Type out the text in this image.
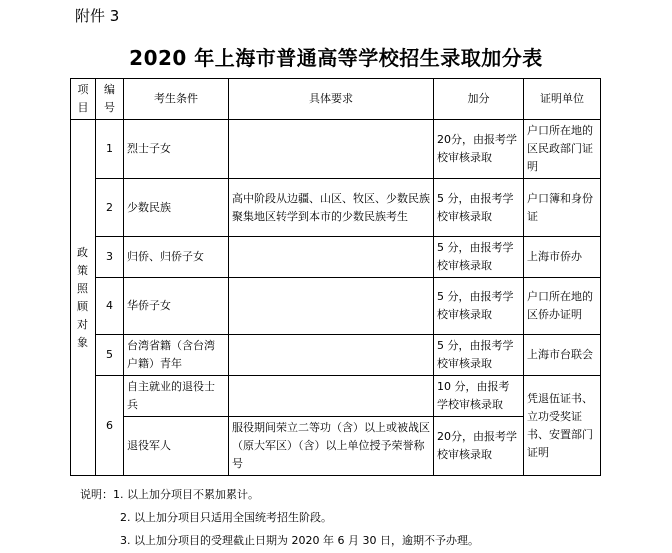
附件 3
2020 年上海市普通高等学校招生录取加分表
项目	编号	考生条件	具体要求	加分	证明单位
政策照顾对象	1	烈士子女		20分，由报考学校审核录取	户口所在地的区民政部门证明
	2	少数民族	高中阶段从边疆、山区、牧区、少数民族聚集地区转学到本市的少数民族考生	5 分，由报考学校审核录取	户口簿和身份证
	3	归侨、归侨子女		5 分，由报考学校审核录取	上海市侨办
	4	华侨子女		5 分，由报考学校审核录取	户口所在地的区侨办证明
	5	台湾省籍（含台湾户籍）青年		5 分，由报考学校审核录取	上海市台联会
	6	自主就业的退役士兵		10 分，由报考学校审核录取	凭退伍证书、立功受奖证书、安置部门证明
		退役军人	服役期间荣立二等功（含）以上或被战区（原大军区）（含）以上单位授予荣誉称号	20分，由报考学校审核录取	
说明：1. 以上加分项目不累加累计。
2. 以上加分项目只适用全国统考招生阶段。
3. 以上加分项目的受理截止日期为 2020 年 6 月 30 日，逾期不予办理。
